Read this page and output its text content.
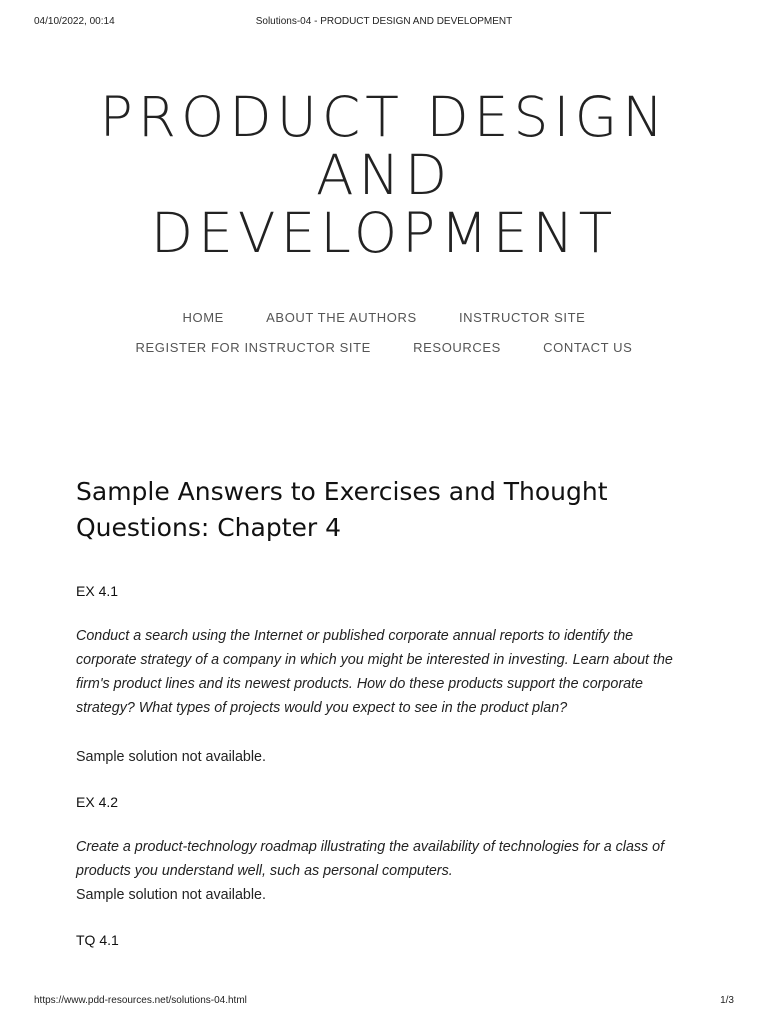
04/10/2022, 00:14	Solutions-04 - PRODUCT DESIGN AND DEVELOPMENT
PRODUCT DESIGN
AND
DEVELOPMENT
HOME	ABOUT THE AUTHORS	INSTRUCTOR SITE
REGISTER FOR INSTRUCTOR SITE	RESOURCES	CONTACT US
Sample Answers to Exercises and Thought Questions: Chapter 4

EX 4.1

Conduct a search using the Internet or published corporate annual reports to identify the corporate strategy of a company in which you might be interested in investing. Learn about the firm's product lines and its newest products. How do these products support the corporate strategy? What types of projects would you expect to see in the product plan?

Sample solution not available.

EX 4.2

Create a product-technology roadmap illustrating the availability of technologies for a class of products you understand well, such as personal computers.

Sample solution not available.

TQ 4.1

https://www.pdd-resources.net/solutions-04.html	1/3
